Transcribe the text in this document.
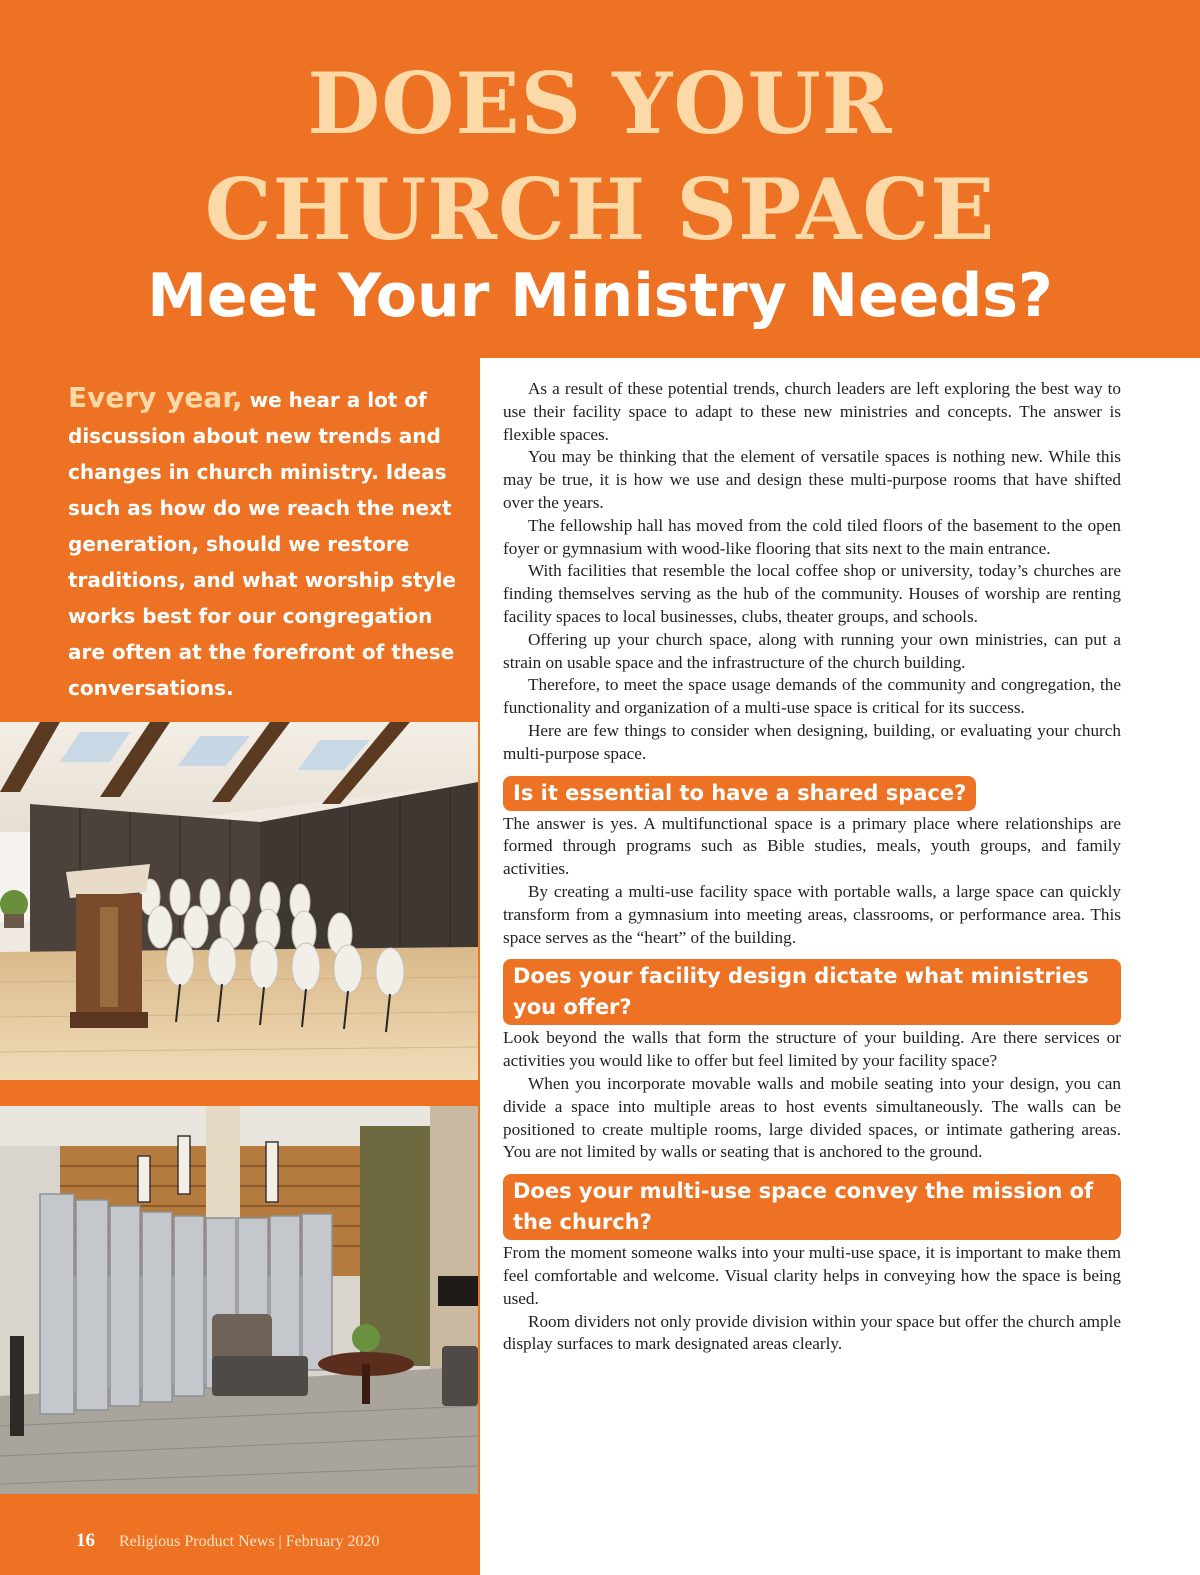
DOES YOUR
CHURCH SPACE
Meet Your Ministry Needs?

Every year, we hear a lot of discussion about new trends and changes in church ministry. Ideas such as how do we reach the next generation, should we restore traditions, and what worship style works best for our congregation are often at the forefront of these conversations.

16 Religious Product News | February 2020

As a result of these potential trends, church leaders are left exploring the best way to use their facility space to adapt to these new ministries and concepts. The answer is flexible spaces.

You may be thinking that the element of versatile spaces is nothing new. While this may be true, it is how we use and design these multi-purpose rooms that have shifted over the years.

The fellowship hall has moved from the cold tiled floors of the basement to the open foyer or gymnasium with wood-like flooring that sits next to the main entrance.

With facilities that resemble the local coffee shop or university, today’s churches are finding themselves serving as the hub of the community. Houses of worship are renting facility spaces to local businesses, clubs, theater groups, and schools.

Offering up your church space, along with running your own ministries, can put a strain on usable space and the infrastructure of the church building.

Therefore, to meet the space usage demands of the community and congregation, the functionality and organization of a multi-use space is critical for its success.

Here are few things to consider when designing, building, or evaluating your church multi-purpose space.

Is it essential to have a shared space?

The answer is yes. A multifunctional space is a primary place where relationships are formed through programs such as Bible studies, meals, youth groups, and family activities.

By creating a multi-use facility space with portable walls, a large space can quickly transform from a gymnasium into meeting areas, classrooms, or performance area. This space serves as the “heart” of the building.

Does your facility design dictate what ministries you offer?

Look beyond the walls that form the structure of your building. Are there services or activities you would like to offer but feel limited by your facility space?

When you incorporate movable walls and mobile seating into your design, you can divide a space into multiple areas to host events simultaneously. The walls can be positioned to create multiple rooms, large divided spaces, or intimate gathering areas. You are not limited by walls or seating that is anchored to the ground.

Does your multi-use space convey the mission of the church?

From the moment someone walks into your multi-use space, it is important to make them feel comfortable and welcome. Visual clarity helps in conveying how the space is being used.

Room dividers not only provide division within your space but offer the church ample display surfaces to mark designated areas clearly.
